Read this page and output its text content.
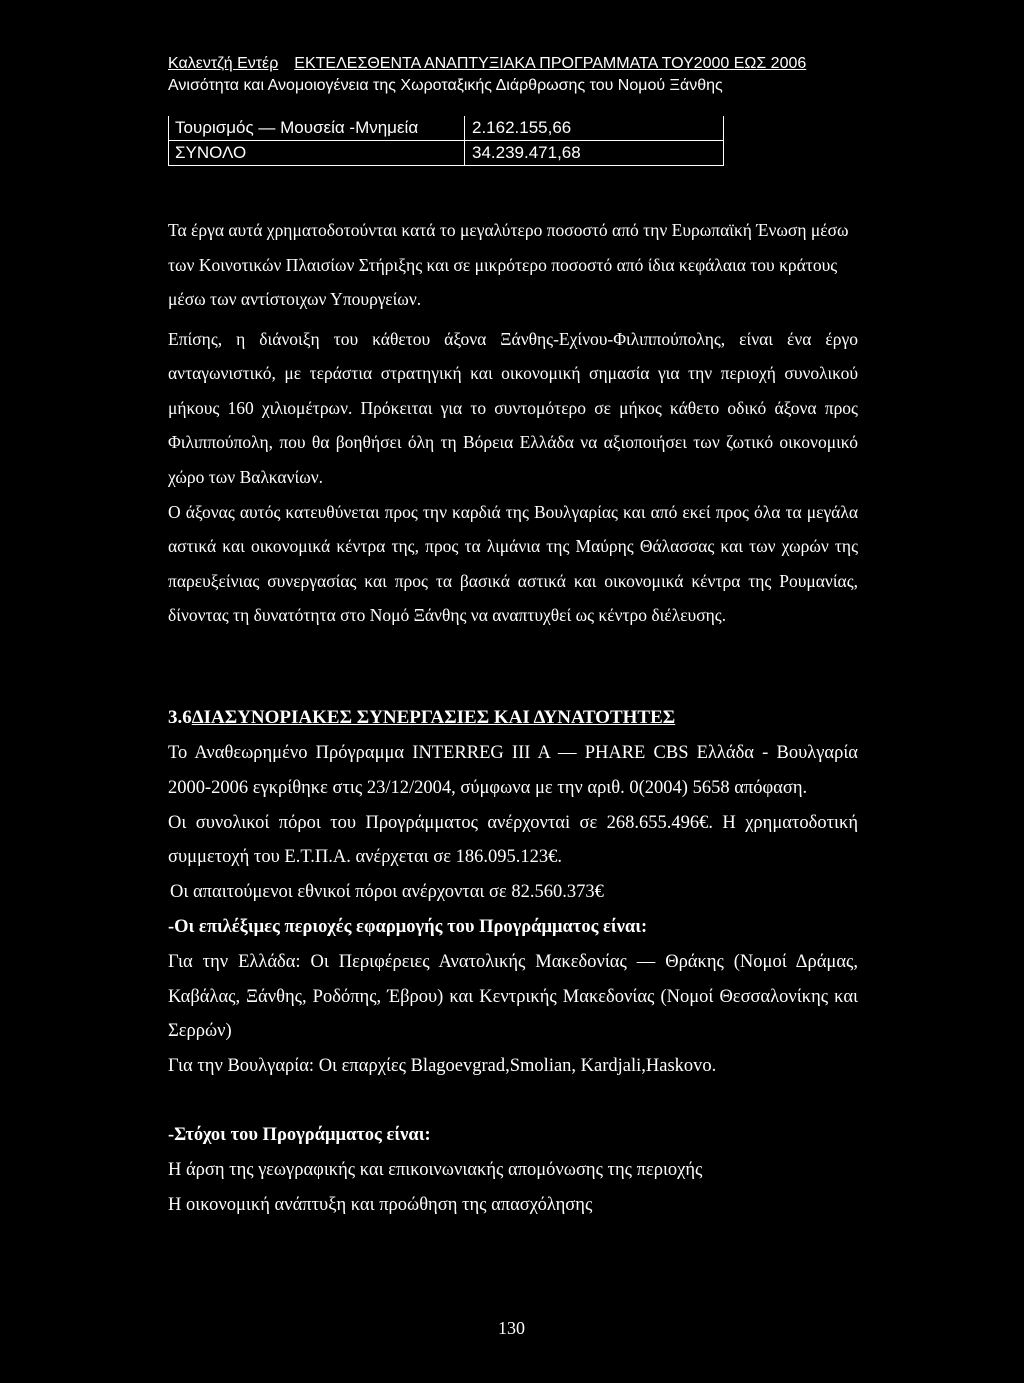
Καλεντζή Εντέρ ΕΚΤΕΛΕΣΘΕΝΤΑ ΑΝΑΠΤΥΞΙΑΚΑ ΠΡΟΓΡΑΜΜΑΤΑ ΤΟΥ2000 ΕΩΣ 2006
Ανισότητα και Ανομοιογένεια της Χωροταξικής Διάρθρωσης του Νομού Ξάνθης
Τουρισμός — Μουσεία -Μνημεία	2.162.155,66
ΣΥΝΟΛΟ	34.239.471,68
Τα έργα αυτά χρηματοδοτούνται κατά το μεγαλύτερο ποσοστό από την Ευρωπαϊκή Ένωση μέσω των Κοινοτικών Πλαισίων Στήριξης και σε μικρότερο ποσοστό από ίδια κεφάλαια του κράτους μέσω των αντίστοιχων Υπουργείων.

Επίσης, η διάνοιξη του κάθετου άξονα Ξάνθης-Εχίνου-Φιλιππούπολης, είναι ένα έργο ανταγωνιστικό, με τεράστια στρατηγική και οικονομική σημασία για την περιοχή συνολικού μήκους 160 χιλιομέτρων. Πρόκειται για το συντομότερο σε μήκος κάθετο οδικό άξονα προς Φιλιππούπολη, που θα βοηθήσει όλη τη Βόρεια Ελλάδα να αξιοποιήσει των ζωτικό οικονομικό χώρο των Βαλκανίων.

Ο άξονας αυτός κατευθύνεται προς την καρδιά της Βουλγαρίας και από εκεί προς όλα τα μεγάλα αστικά και οικονομικά κέντρα της, προς τα λιμάνια της Μαύρης Θάλασσας και των χωρών της παρευξείνιας συνεργασίας και προς τα βασικά αστικά και οικονομικά κέντρα της Ρουμανίας, δίνοντας τη δυνατότητα στο Νομό Ξάνθης να αναπτυχθεί ως κέντρο διέλευσης.

3.6ΔΙΑΣΥΝΟΡΙΑΚΕΣ ΣΥΝΕΡΓΑΣΙΕΣ ΚΑΙ ΔΥΝΑΤΟΤΗΤΕΣ

Το Αναθεωρημένο Πρόγραμμα INTERREG III A — PHARE CBS Ελλάδα - Βουλγαρία 2000-2006 εγκρίθηκε στις 23/12/2004, σύμφωνα με την αριθ. 0(2004) 5658 απόφαση.

Οι συνολικοί πόροι του Προγράμματος ανέρχονταi σε 268.655.496€. Η χρηματοδοτική συμμετοχή του Ε.Τ.Π.Α. ανέρχεται σε 186.095.123€.

Οι απαιτούμενοι εθνικοί πόροι ανέρχονται σε 82.560.373€

-Οι επιλέξιμες περιοχές εφαρμογής του Προγράμματος είναι:

Για την Ελλάδα: Οι Περιφέρειες Ανατολικής Μακεδονίας — Θράκης (Νομοί Δράμας, Καβάλας, Ξάνθης, Ροδόπης, Έβρου) και Κεντρικής Μακεδονίας (Νομοί Θεσσαλονίκης και Σερρών)

Για την Βουλγαρία: Οι επαρχίες Blagoevgrad,Smolian, Kardjali,Haskovo.

-Στόχοι του Προγράμματος είναι:

Η άρση της γεωγραφικής και επικοινωνιακής απομόνωσης της περιοχής

Η οικονομική ανάπτυξη και προώθηση της απασχόλησης

130
